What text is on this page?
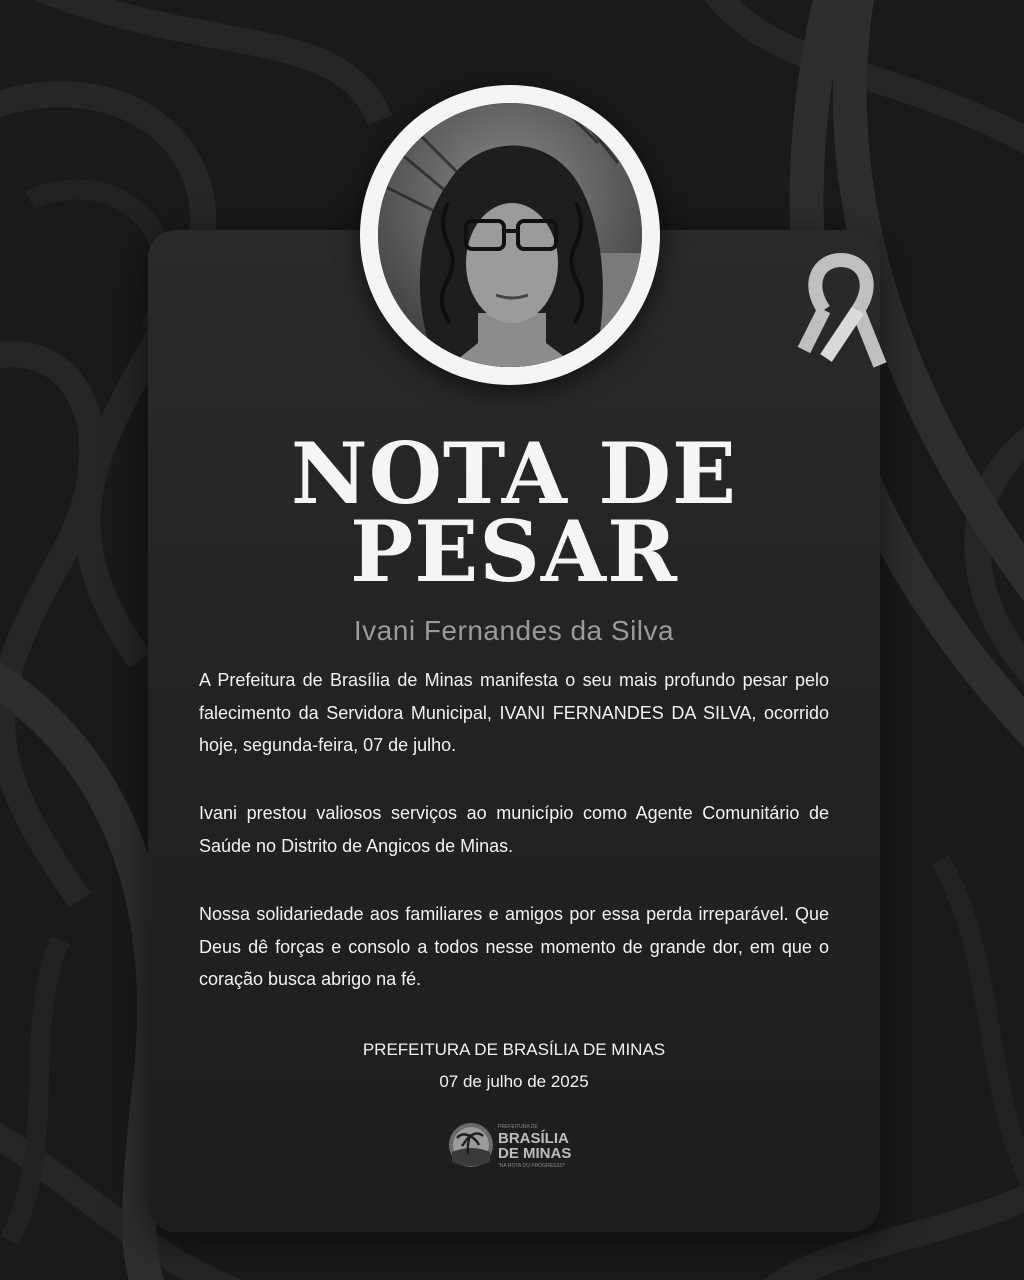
NOTA DE
PESAR
Ivani Fernandes da Silva

A Prefeitura de Brasília de Minas manifesta o seu mais profundo pesar pelo falecimento da Servidora Municipal, IVANI FERNANDES DA SILVA, ocorrido hoje, segunda-feira, 07 de julho.

Ivani prestou valiosos serviços ao município como Agente Comunitário de Saúde no Distrito de Angicos de Minas.

Nossa solidariedade aos familiares e amigos por essa perda irreparável. Que Deus dê forças e consolo a todos nesse momento de grande dor, em que o coração busca abrigo na fé.

PREFEITURA DE BRASÍLIA DE MINAS
07 de julho de 2025
PREFEITURA DE
BRASÍLIA
DE MINAS
"NA ROTA DO PROGRESSO"
